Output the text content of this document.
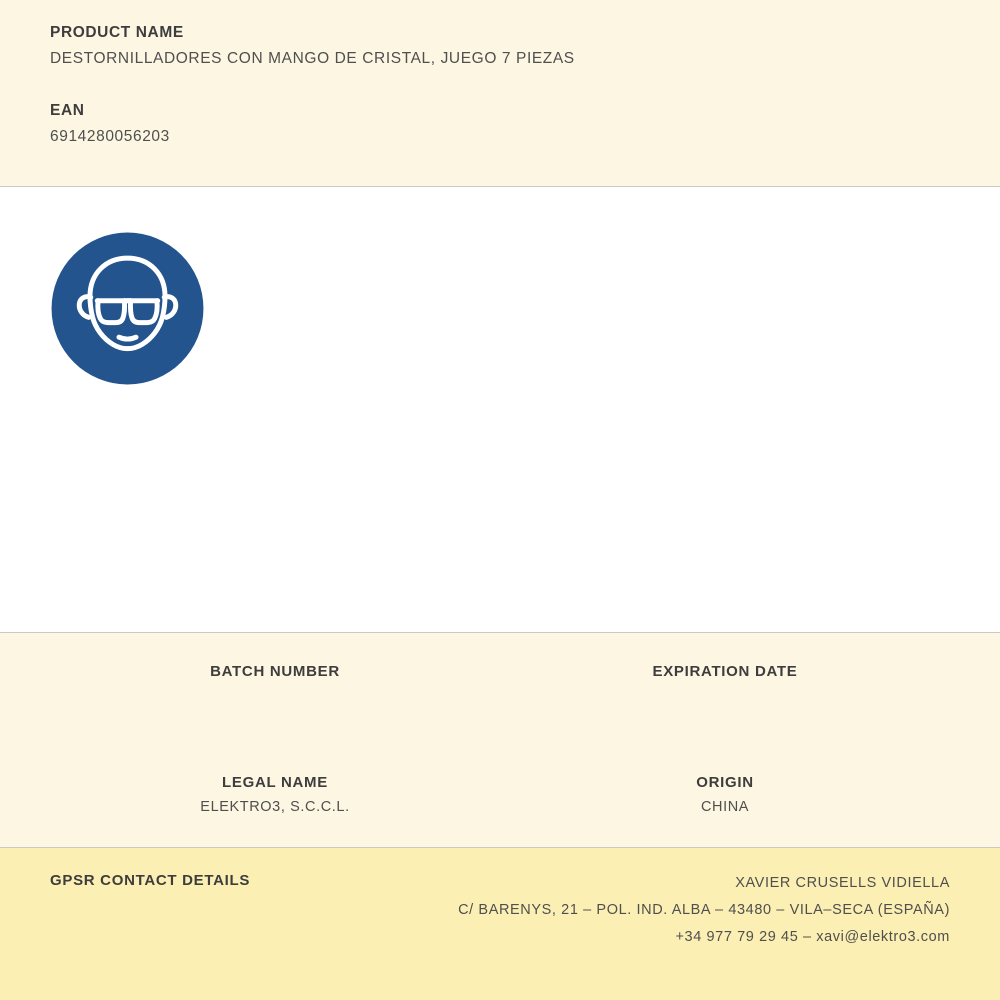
PRODUCT NAME

DESTORNILLADORES CON MANGO DE CRISTAL, JUEGO 7 PIEZAS

EAN

6914280056203

BATCH NUMBER	EXPIRATION DATE

LEGAL NAME

ELEKTRO3, S.C.C.L.

ORIGIN

CHINA

GPSR CONTACT DETAILS	XAVIER CRUSELLS VIDIELLA
C/ BARENYS, 21 – POL. IND. ALBA – 43480 – VILA–SECA (ESPAÑA)
+34 977 79 29 45 – xavi@elektro3.com
